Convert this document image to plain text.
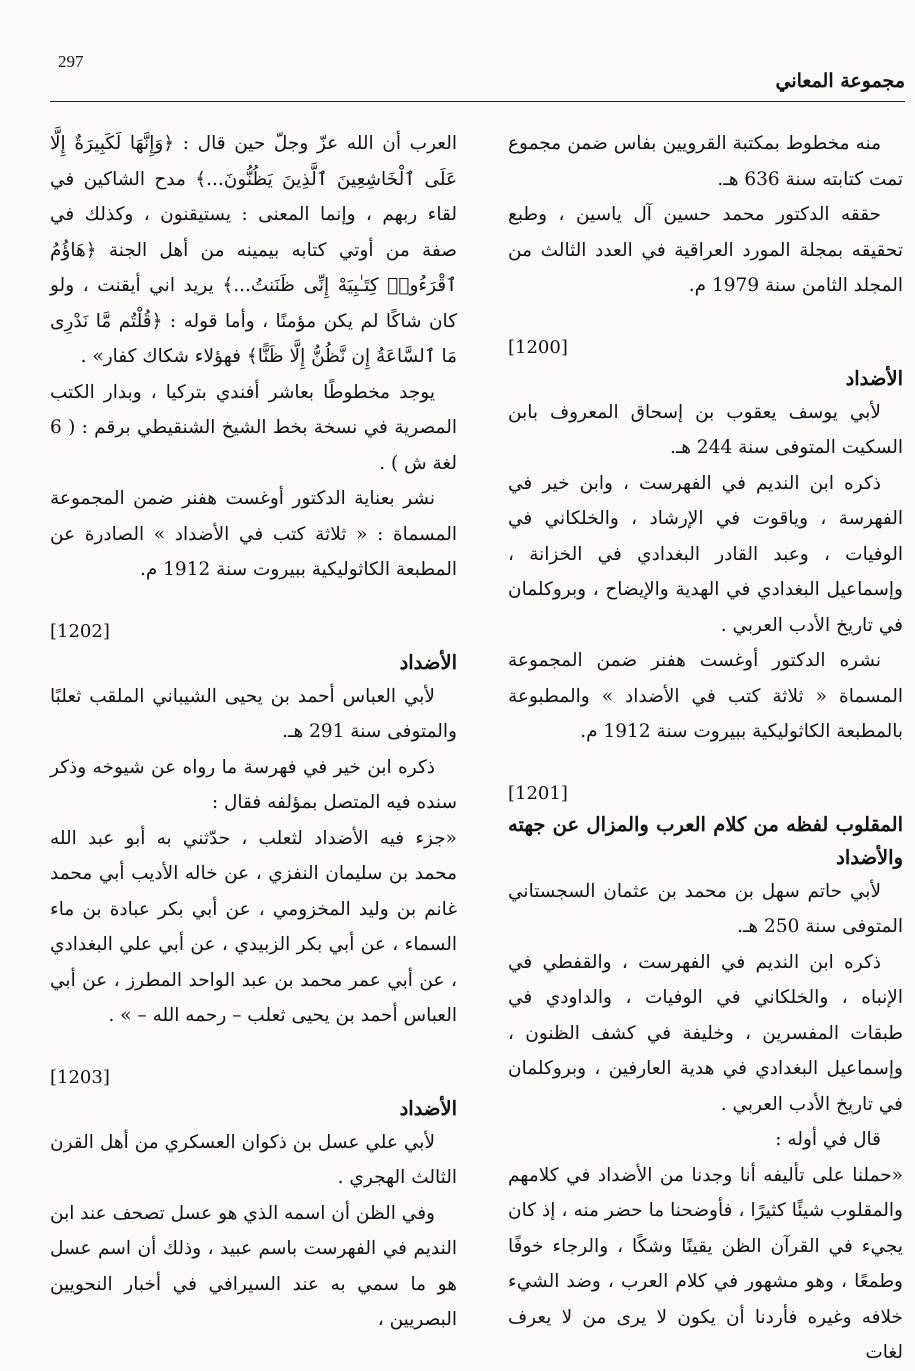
297
مجموعة المعاني

منه مخطوط بمكتبة القرويين بفاس ضمن مجموع تمت كتابته سنة 636 هـ.

حققه الدكتور محمد حسين آل ياسين ، وطبع تحقيقه بمجلة المورد العراقية في العدد الثالث من المجلد الثامن سنة 1979 م.

[1200]
الأضداد

لأبي يوسف يعقوب بن إسحاق المعروف بابن السكيت المتوفى سنة 244 هـ.

ذكره ابن النديم في الفهرست ، وابن خير في الفهرسة ، وياقوت في الإرشاد ، والخلكاني في الوفيات ، وعبد القادر البغدادي في الخزانة ، وإسماعيل البغدادي في الهدية والإيضاح ، وبروكلمان في تاريخ الأدب العربي .

نشره الدكتور أوغست هفنر ضمن المجموعة المسماة « ثلاثة كتب في الأضداد » والمطبوعة بالمطبعة الكاثوليكية ببيروت سنة 1912 م.

[1201]
المقلوب لفظه من كلام العرب والمزال عن جهته والأضداد

لأبي حاتم سهل بن محمد بن عثمان السجستاني المتوفى سنة 250 هـ.

ذكره ابن النديم في الفهرست ، والقفطي في الإنباه ، والخلكاني في الوفيات ، والداودي في طبقات المفسرين ، وخليفة في كشف الظنون ، وإسماعيل البغدادي في هدية العارفين ، وبروكلمان في تاريخ الأدب العربي .

قال في أوله :

«حملنا على تأليفه أنا وجدنا من الأضداد في كلامهم والمقلوب شيئًا كثيرًا ، فأوضحنا ما حضر منه ، إذ كان يجيء في القرآن الظن يقينًا وشكًا ، والرجاء خوفًا وطمعًا ، وهو مشهور في كلام العرب ، وضد الشيء خلافه وغيره فأردنا أن يكون لا يرى من لا يعرف لغات

العرب أن الله عزّ وجلّ حين قال : ﴿وَإِنَّهَا لَكَبِيرَةٌ إِلَّا عَلَى ٱلْخَاشِعِينَ ٱلَّذِينَ يَظُنُّونَ...﴾ مدح الشاكين في لقاء ربهم ، وإنما المعنى : يستيقنون ، وكذلك في صفة من أوتي كتابه بيمينه من أهل الجنة ﴿هَاؤُمُ ٱقْرَءُوا۟ كِتَـٰبِيَهْ إِنِّى ظَنَنتُ...﴾ يريد اني أيقنت ، ولو كان شاكًا لم يكن مؤمنًا ، وأما قوله : ﴿قُلْتُم مَّا نَدْرِى مَا ٱلسَّاعَةُ إِن نَّظُنُّ إِلَّا ظَنًّا﴾ فهؤلاء شكاك كفار» .

يوجد مخطوطًا بعاشر أفندي بتركيا ، وبدار الكتب المصرية في نسخة بخط الشيخ الشنقيطي برقم : ( 6 لغة ش ) .

نشر بعناية الدكتور أوغست هفنر ضمن المجموعة المسماة : « ثلاثة كتب في الأضداد » الصادرة عن المطبعة الكاثوليكية ببيروت سنة 1912 م.

[1202]
الأضداد

لأبي العباس أحمد بن يحيى الشيباني الملقب ثعلبًا والمتوفى سنة 291 هـ.

ذكره ابن خير في فهرسة ما رواه عن شيوخه وذكر سنده فيه المتصل بمؤلفه فقال :

«جزء فيه الأضداد لثعلب ، حدّثني به أبو عبد الله محمد بن سليمان النفزي ، عن خاله الأديب أبي محمد غانم بن وليد المخزومي ، عن أبي بكر عبادة بن ماء السماء ، عن أبي بكر الزبيدي ، عن أبي علي البغدادي ، عن أبي عمر محمد بن عبد الواحد المطرز ، عن أبي العباس أحمد بن يحيى ثعلب – رحمه الله – » .

[1203]
الأضداد

لأبي علي عسل بن ذكوان العسكري من أهل القرن الثالث الهجري .

وفي الظن أن اسمه الذي هو عسل تصحف عند ابن النديم في الفهرست باسم عبيد ، وذلك أن اسم عسل هو ما سمي به عند السيرافي في أخبار النحويين البصريين ،
